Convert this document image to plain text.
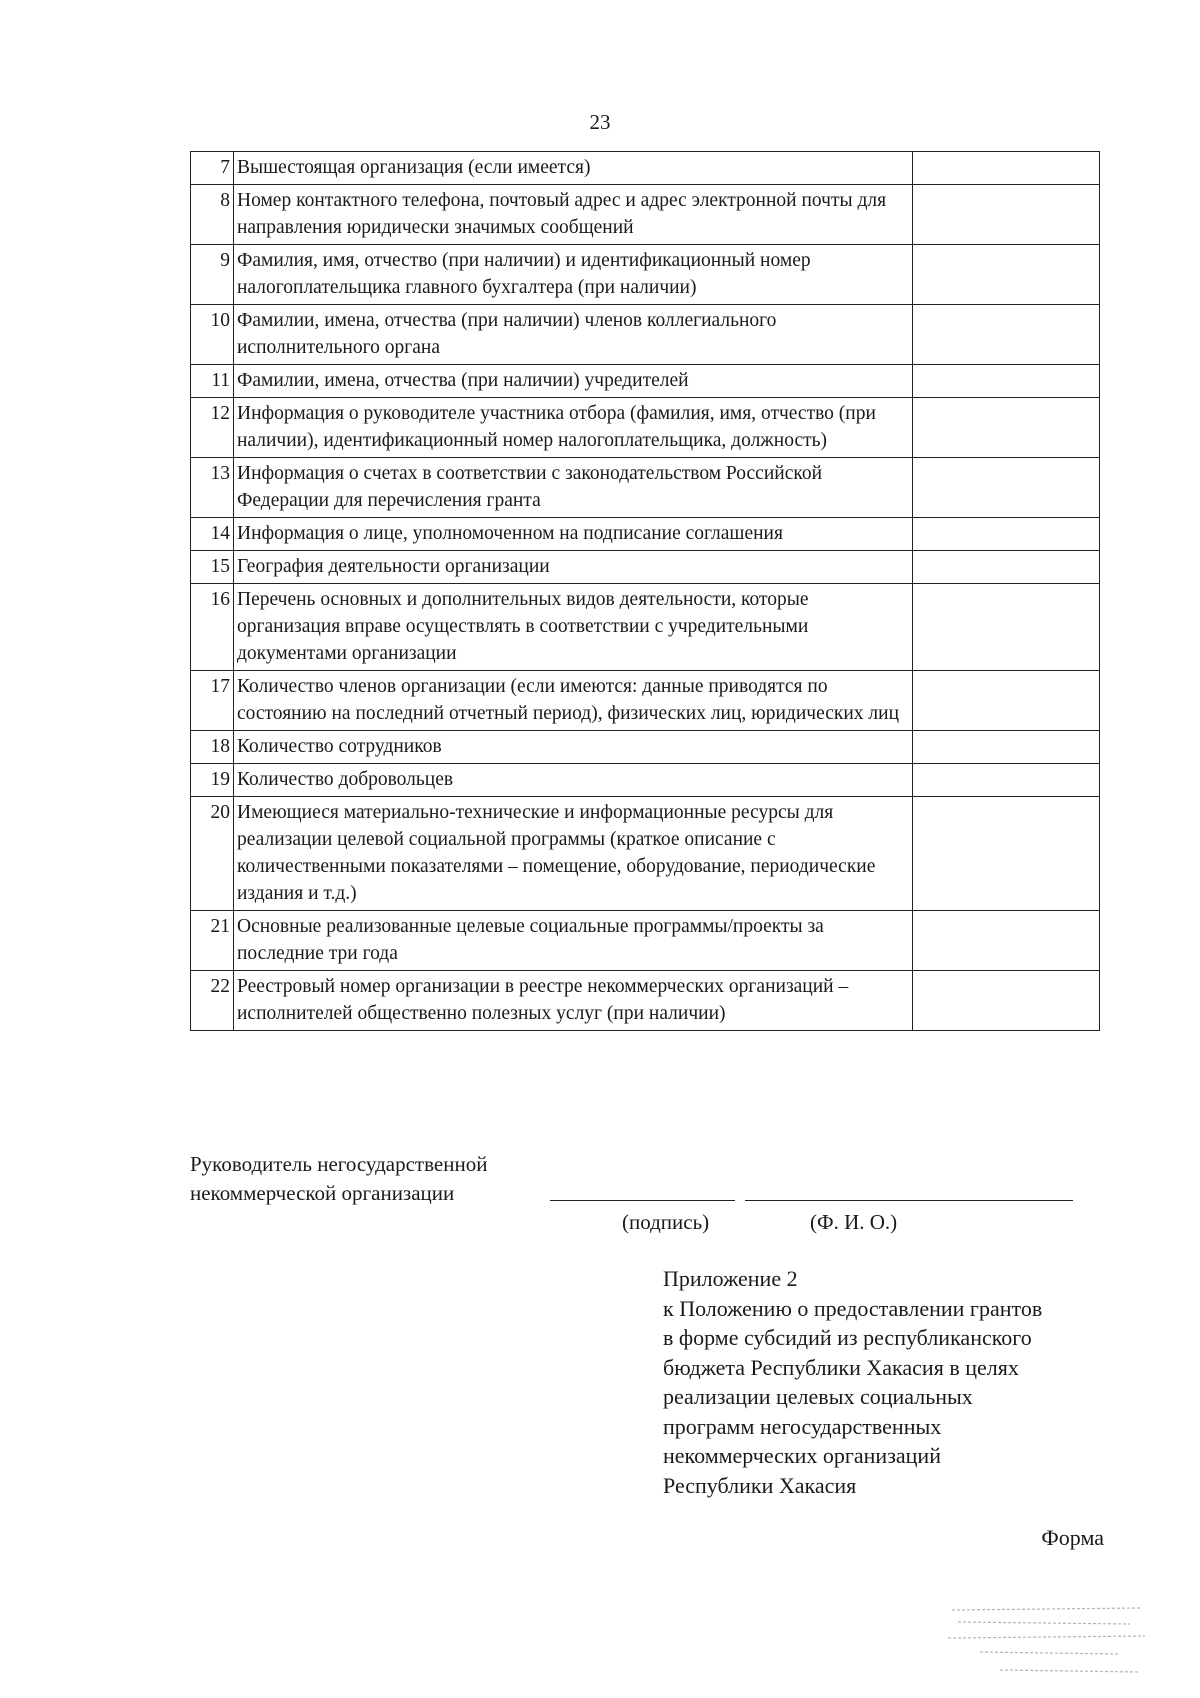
23
7	Вышестоящая организация (если имеется)	
8	Номер контактного телефона, почтовый адрес и адрес электронной почты для направления юридически значимых сообщений	
9	Фамилия, имя, отчество (при наличии) и идентификационный номер налогоплательщика главного бухгалтера (при наличии)	
10	Фамилии, имена, отчества (при наличии) членов коллегиального исполнительного органа	
11	Фамилии, имена, отчества (при наличии) учредителей	
12	Информация о руководителе участника отбора (фамилия, имя, отчество (при наличии), идентификационный номер налогоплательщика, должность)	
13	Информация о счетах в соответствии с законодательством Российской Федерации для перечисления гранта	
14	Информация о лице, уполномоченном на подписание соглашения	
15	География деятельности организации	
16	Перечень основных и дополнительных видов деятельности, которые организация вправе осуществлять в соответствии с учредительными документами организации	
17	Количество членов организации (если имеются: данные приводятся по состоянию на последний отчетный период), физических лиц, юридических лиц	
18	Количество сотрудников	
19	Количество добровольцев	
20	Имеющиеся материально-технические и информационные ресурсы для реализации целевой социальной программы (краткое описание с количественными показателями – помещение, оборудование, периодические издания и т.д.)	
21	Основные реализованные целевые социальные программы/проекты за последние три года	
22	Реестровый номер организации в реестре некоммерческих организаций – исполнителей общественно полезных услуг (при наличии)	
Руководитель негосударственной
некоммерческой организации
(подпись)	(Ф. И. О.)
Приложение 2
к Положению о предоставлении грантов
в форме субсидий из республиканского
бюджета Республики Хакасия в целях
реализации целевых социальных
программ негосударственных
некоммерческих организаций
Республики Хакасия
Форма
